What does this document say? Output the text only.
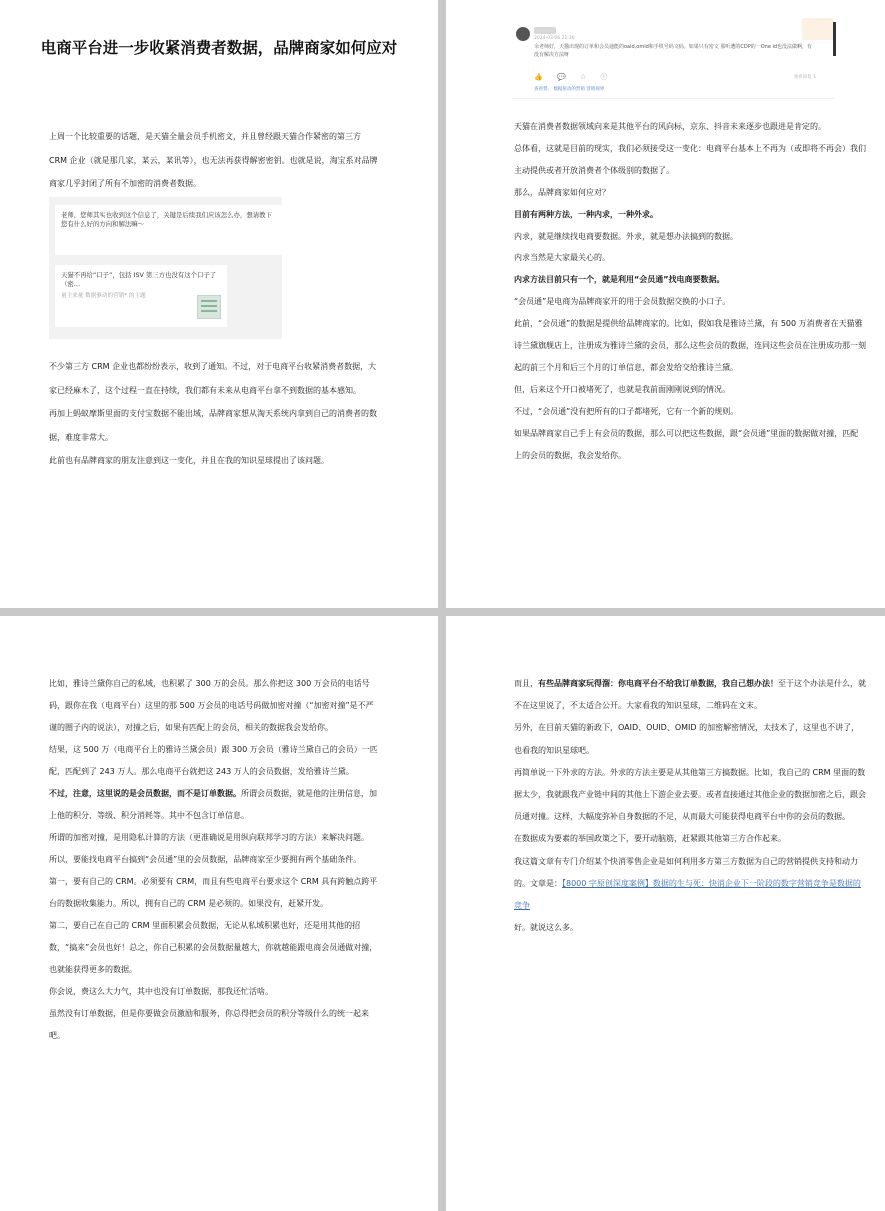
电商平台进一步收紧消费者数据，品牌商家如何应对
上周一个比较重要的话题，是天猫全量会员手机密文，并且曾经跟天猫合作紧密的第三方 CRM 企业（就是那几家，某云，某讯等），也无法再获得解密密钥。也就是说，淘宝系对品牌商家几乎封闭了所有不加密的消费者数据。
老师，您师其实也收到这个信息了，关键是后续我们应该怎么办，想请教下您有什么好的方向和解法嘛～
天猫不再给“口子”，包括 ISV 第三方也没有这个口子了（密…
量主来量 数据驱动的营销* 的主题

不少第三方 CRM 企业也都纷纷表示，收到了通知。不过，对于电商平台收紧消费者数据，大家已经麻木了，这个过程一直在持续，我们都有未来从电商平台拿不到数据的基本感知。

再加上蚂蚁摩斯里面的支付宝数据不能出域，品牌商家想从淘天系统内拿到自己的消费者的数据，难度非常大。

此前也有品牌商家的朋友注意到这一变化，并且在我的知识星球提出了该问题。

2024-03-06 21:30
余老师好，天猫出现的订单和会员通能的oaid,omid和手机号码文码。如果只有密文 那听遭的CDP的一One id也没法做啊，有没有解决方法呀
👍 💬 ☆ ⓘ	查看回复 1
查看赞、 数据驱动的营销 营销视界

天猫在消费者数据领域向来是其他平台的风向标，京东、抖音未来逐步也跟进是肯定的。

总体看，这就是目前的现实，我们必须接受这一变化：电商平台基本上不再为（或即将不再会）我们主动提供或者开放消费者个体级别的数据了。

那么，品牌商家如何应对？

目前有两种方法，一种内求，一种外求。

内求，就是继续找电商要数据。外求，就是想办法搞到的数据。

内求当然是大家最关心的。

内求方法目前只有一个，就是利用“会员通”找电商要数据。

“会员通”是电商为品牌商家开的用于会员数据交换的小口子。

此前，“会员通”的数据是提供给品牌商家的。比如，假如我是雅诗兰黛，有 500 万消费者在天猫雅诗兰黛旗舰店上，注册成为雅诗兰黛的会员，那么这些会员的数据，连同这些会员在注册成功那一刻起的前三个月和后三个月的订单信息，都会发给交给雅诗兰黛。

但，后来这个开口被堵死了，也就是我前面刚刚说到的情况。

不过，“会员通”没有把所有的口子都堵死，它有一个新的规则。

如果品牌商家自己手上有会员的数据，那么可以把这些数据，跟“会员通”里面的数据做对撞，匹配上的会员的数据，我会发给你。

比如，雅诗兰黛你自己的私域，也积累了 300 万的会员。那么你把这 300 万会员的电话号码，跟你在我（电商平台）这里的那 500 万会员的电话号码做加密对撞（“加密对撞”是不严谨的圈子内的说法），对撞之后，如果有匹配上的会员，相关的数据我会发给你。

结果，这 500 万（电商平台上的雅诗兰黛会员）跟 300 万会员（雅诗兰黛自己的会员）一匹配，匹配到了 243 万人。那么电商平台就把这 243 万人的会员数据，发给雅诗兰黛。

不过，注意，这里说的是会员数据，而不是订单数据。所谓会员数据，就是他的注册信息，加上他的积分、等级、积分消耗等。其中不包含订单信息。

所谓的加密对撞，是用隐私计算的方法（更准确说是用纵向联邦学习的方法）来解决问题。

所以，要能找电商平台搞到“会员通”里的会员数据，品牌商家至少要拥有两个基础条件。

第一，要有自己的 CRM。必须要有 CRM，而且有些电商平台要求这个 CRM 具有跨触点跨平台的数据收集能力。所以，拥有自己的 CRM 是必须的。如果没有，赶紧开发。

第二，要自己在自己的 CRM 里面积累会员数据，无论从私域积累也好，还是用其他的招数，“搞来”会员也好！总之，你自己积累的会员数据量越大，你就越能跟电商会员通做对撞，也就能获得更多的数据。

你会说，费这么大力气，其中也没有订单数据，那我还忙活啥。

虽然没有订单数据，但是你要做会员激励和服务，你总得把会员的积分等级什么的统一起来吧。

而且，有些品牌商家玩得溜：你电商平台不给我订单数据，我自己想办法！至于这个办法是什么，就不在这里说了，不太适合公开。大家看我的知识星球，二维码在文末。

另外，在目前天猫的新政下，OAID、OUID、OMID 的加密解密情况，太技术了，这里也不讲了，也看我的知识星球吧。

再简单说一下外求的方法。外求的方法主要是从其他第三方搞数据。比如，我自己的 CRM 里面的数据太少，我就跟我产业链中间的其他上下游企业去要。或者直接通过其他企业的数据加密之后，跟会员通对撞。这样，大幅度弥补自身数据的不足，从而最大可能获得电商平台中你的会员的数据。

在数据成为要素的举国政策之下，要开动脑筋，赶紧跟其他第三方合作起来。

我这篇文章有专门介绍某个快消零售企业是如何利用多方第三方数据为自己的营销提供支持和动力的。文章是：【8000 字原创深度案例】数据的生与死：快消企业下一阶段的数字营销竞争是数据的竞争

好。就说这么多。
